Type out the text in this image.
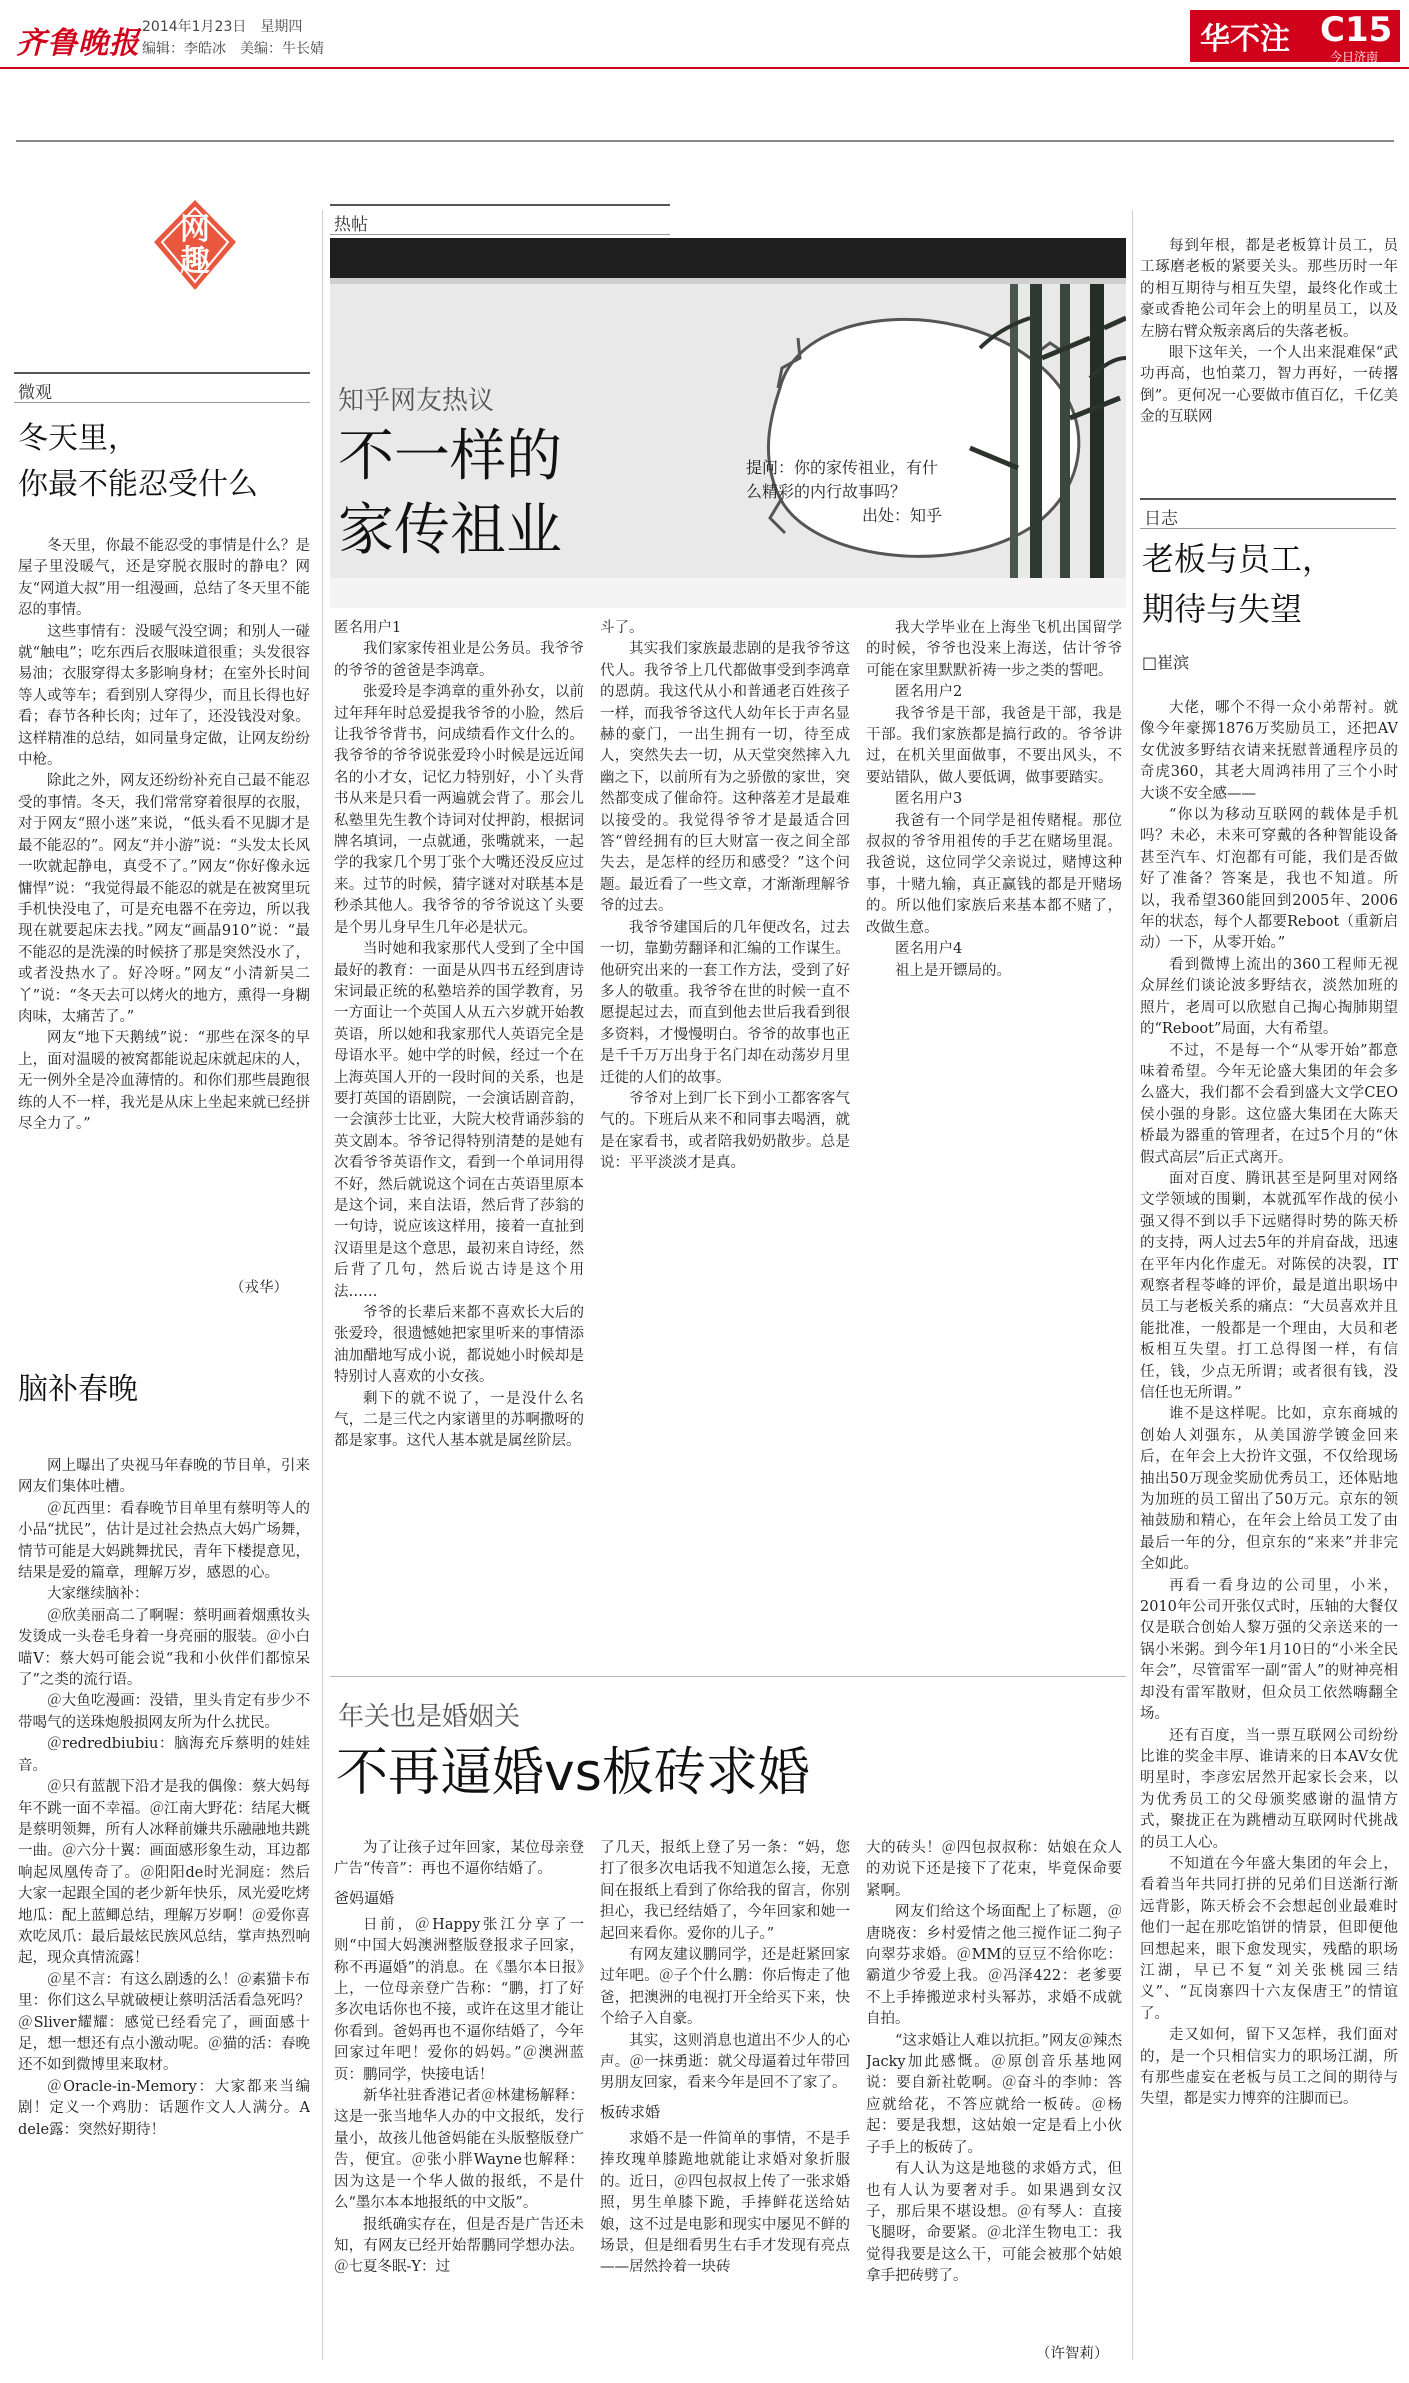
齐鲁晚报 2014年1月23日　星期四
编辑：李皓冰　美编：牛长婧	华不注 C15
今日济南
网趣
微观
冬天里，
你最不能忍受什么

冬天里，你最不能忍受的事情是什么？是屋子里没暖气，还是穿脱衣服时的静电？网友“网道大叔”用一组漫画，总结了冬天里不能忍的事情。

这些事情有：没暖气没空调；和别人一碰就“触电”；吃东西后衣服味道很重；头发很容易油；衣服穿得太多影响身材；在室外长时间等人或等车；看到别人穿得少，而且长得也好看；春节各种长肉；过年了，还没钱没对象。这样精准的总结，如同量身定做，让网友纷纷中枪。

除此之外，网友还纷纷补充自己最不能忍受的事情。冬天，我们常常穿着很厚的衣服，对于网友“照小迷”来说，“低头看不见脚才是最不能忍的”。网友“并小游”说：“头发太长风一吹就起静电，真受不了。”网友“你好像永远慵悍”说：“我觉得最不能忍的就是在被窝里玩手机快没电了，可是充电器不在旁边，所以我现在就要起床去找。”网友“画晶910”说：“最不能忍的是洗澡的时候挤了那是突然没水了，或者没热水了。好冷呀。”网友“小清新吴二丫”说：“冬天去可以烤火的地方，熏得一身糊肉味，太痛苦了。”

网友“地下天鹅绒”说：“那些在深冬的早上，面对温暖的被窝都能说起床就起床的人，无一例外全是冷血薄情的。和你们那些晨跑很练的人不一样，我光是从床上坐起来就已经拼尽全力了。”

（戎华）
脑补春晚

网上曝出了央视马年春晚的节目单，引来网友们集体吐槽。

＠瓦西里：看春晚节目单里有蔡明等人的小品“扰民”，估计是过社会热点大妈广场舞，情节可能是大妈跳舞扰民，青年下楼提意见，结果是爱的篇章，理解万岁，感恩的心。

大家继续脑补：

＠欣美丽高二了啊喔：蔡明画着烟熏妆头发烫成一头卷毛身着一身亮丽的服装。＠小白喵V：蔡大妈可能会说“我和小伙伴们都惊呆了”之类的流行语。

＠大鱼吃漫画：没错，里头肯定有步少不带喝气的送珠炮般损网友所为什么扰民。

＠redredbiubiu：脑海充斥蔡明的娃娃音。

＠只有蓝靓下沿才是我的偶像：蔡大妈每年不跳一面不幸福。＠江南大野花：结尾大概是蔡明领舞，所有人冰释前嫌共乐融融地共跳一曲。＠六分十翼：画面感形象生动，耳边都响起凤凰传奇了。＠阳阳de时光洞庭：然后大家一起跟全国的老少新年快乐，凤光爱吃烤地瓜：配上蓝鲫总结，理解万岁啊！＠爱你喜欢吃凤爪：最后最炫民族风总结，掌声热烈响起，现众真情流露！

＠星不言：有这么剧透的么！＠素猫卡布里：你们这么早就破梗让蔡明活活看急死吗？＠Sliver耀耀：感觉已经看完了，画面感十足，想一想还有点小激动呢。＠猫的活：春晚还不如到微博里来取材。

＠Oracle-in-Memory：大家都来当编剧！定义一个鸡肋：话题作文人人满分。A dele露：突然好期待！

热帖
知乎网友热议
不一样的
家传祖业
提问：你的家传祖业，有什么精彩的内行故事吗？
出处：知乎

匿名用户1

我们家家传祖业是公务员。我爷爷的爷爷的爸爸是李鸿章。

张爱玲是李鸿章的重外孙女，以前过年拜年时总爱提我爷爷的小脸，然后让我爷爷背书，问成绩看作文什么的。我爷爷的爷爷说张爱玲小时候是远近闻名的小才女，记忆力特别好，小丫头背书从来是只看一两遍就会背了。那会儿私塾里先生教个诗词对仗押韵，根据词牌名填词，一点就通，张嘴就来，一起学的我家几个男丁张个大嘴还没反应过来。过节的时候，猜字谜对对联基本是秒杀其他人。我爷爷的爷爷说这丫头要是个男儿身早生几年必是状元。

当时她和我家那代人受到了全中国最好的教育：一面是从四书五经到唐诗宋词最正统的私塾培养的国学教育，另一方面让一个英国人从五六岁就开始教英语，所以她和我家那代人英语完全是母语水平。她中学的时候，经过一个在上海英国人开的一段时间的关系，也是要打英国的语剧院，一会演话剧音韵，一会演莎士比亚，大院大校背诵莎翁的英文剧本。爷爷记得特别清楚的是她有次看爷爷英语作文，看到一个单词用得不好，然后就说这个词在古英语里原本是这个词，来自法语，然后背了莎翁的一句诗，说应该这样用，接着一直扯到汉语里是这个意思，最初来自诗经，然后背了几句，然后说古诗是这个用法……

爷爷的长辈后来都不喜欢长大后的张爱玲，很遗憾她把家里听来的事情添油加醋地写成小说，都说她小时候却是特别讨人喜欢的小女孩。

剩下的就不说了，一是没什么名气，二是三代之内家谱里的苏啊撒呀的都是家事。这代人基本就是属丝阶层。

斗了。

其实我们家族最悲剧的是我爷爷这代人。我爷爷上几代都做事受到李鸿章的恩荫。我这代从小和普通老百姓孩子一样，而我爷爷这代人幼年长于声名显赫的豪门，一出生拥有一切，待至成人，突然失去一切，从天堂突然摔入九幽之下，以前所有为之骄傲的家世，突然都变成了催命符。这种落差才是最难以接受的。我觉得爷爷才是最适合回答“曾经拥有的巨大财富一夜之间全部失去，是怎样的经历和感受？”这个问题。最近看了一些文章，才渐渐理解爷爷的过去。

我爷爷建国后的几年便改名，过去一切，靠勤劳翻译和汇编的工作谋生。他研究出来的一套工作方法，受到了好多人的敬重。我爷爷在世的时候一直不愿提起过去，而直到他去世后我看到很多资料，才慢慢明白。爷爷的故事也正是千千万万出身于名门却在动荡岁月里迁徙的人们的故事。

爷爷对上到厂长下到小工都客客气气的。下班后从来不和同事去喝酒，就是在家看书，或者陪我奶奶散步。总是说：平平淡淡才是真。

我大学毕业在上海坐飞机出国留学的时候，爷爷也没来上海送，估计爷爷可能在家里默默祈祷一步之类的誓吧。

匿名用户2

我爷爷是干部，我爸是干部，我是干部。我们家族都是搞行政的。爷爷讲过，在机关里面做事，不要出风头，不要站错队，做人要低调，做事要踏实。

匿名用户3

我爸有一个同学是祖传赌棍。那位叔叔的爷爷用祖传的手艺在赌场里混。我爸说，这位同学父亲说过，赌博这种事，十赌九输，真正赢钱的都是开赌场的。所以他们家族后来基本都不赌了，改做生意。

匿名用户4

祖上是开镖局的。

年关也是婚姻关
不再逼婚vs板砖求婚

为了让孩子过年回家，某位母亲登广告“传音”：再也不逼你结婚了。

爸妈逼婚

日前，＠Happy张江分享了一则“中国大妈澳洲整版登报求子回家，称不再逼婚”的消息。在《墨尔本日报》上，一位母亲登广告称：“鹏，打了好多次电话你也不接，或许在这里才能让你看到。爸妈再也不逼你结婚了，今年回家过年吧！爱你的妈妈。”＠澳洲蓝页：鹏同学，快接电话！

新华社驻香港记者＠林建杨解释：这是一张当地华人办的中文报纸，发行量小，故孩儿他爸妈能在头版整版登广告，便宜。＠张小胖Wayne也解释：因为这是一个华人做的报纸，不是什么“墨尔本本地报纸的中文版”。

报纸确实存在，但是否是广告还未知，有网友已经开始帮鹏同学想办法。＠七夏冬眠-Y：过

了几天，报纸上登了另一条：“妈，您打了很多次电话我不知道怎么接，无意间在报纸上看到了你给我的留言，你别担心，我已经结婚了，今年回家和她一起回来看你。爱你的儿子。”

有网友建议鹏同学，还是赶紧回家过年吧。＠子个什么鹏：你后悔走了他爸，把澳洲的电视打开全给买下来，快个给子入自豪。

其实，这则消息也道出不少人的心声。＠一抹勇逝：就父母逼着过年带回男朋友回家，看来今年是回不了家了。

板砖求婚

求婚不是一件简单的事情，不是手捧玫瑰单膝跪地就能让求婚对象折服的。近日，＠四包叔叔上传了一张求婚照，男生单膝下跪，手捧鲜花送给姑娘，这不过是电影和现实中屡见不鲜的场景，但是细看男生右手才发现有亮点——居然拎着一块砖

大的砖头！＠四包叔叔称：姑娘在众人的劝说下还是接下了花束，毕竟保命要紧啊。

网友们给这个场面配上了标题，＠唐晓夜：乡村爱情之他三搅作证二狗子向翠芬求婚。＠MM的豆豆不给你吃：霸道少爷爱上我。＠冯泽422：老爹要不上手捧搬逆求村头幂苏，求婚不成就自拍。

“这求婚让人难以抗拒。”网友＠辣杰Jacky加此感慨。＠原创音乐基地网说：要自新社乾啊。＠奋斗的李帅：答应就给花，不答应就给一板砖。＠杨起：要是我想，这姑娘一定是看上小伙子手上的板砖了。

有人认为这是地毯的求婚方式，但也有人认为要奢对手。如果遇到女汉子，那后果不堪设想。＠有琴人：直接飞腿呀，命要紧。＠北洋生物电工：我觉得我要是这么干，可能会被那个姑娘拿手把砖劈了。

（许智莉）

每到年根，都是老板算计员工，员工琢磨老板的紧要关头。那些历时一年的相互期待与相互失望，最终化作或土豪或香艳公司年会上的明星员工，以及左膀右臂众叛亲离后的失落老板。

眼下这年关，一个人出来混难保“武功再高，也怕菜刀，智力再好，一砖撂倒”。更何况一心要做市值百亿，千亿美金的互联网

日志
老板与员工，
期待与失望
□崔滨

大佬，哪个不得一众小弟帮衬。就像今年豪掷1876万奖励员工，还把AV女优波多野结衣请来抚慰普通程序员的奇虎360，其老大周鸿祎用了三个小时大谈不安全感——

“你以为移动互联网的载体是手机吗？未必，未来可穿戴的各种智能设备甚至汽车、灯泡都有可能，我们是否做好了准备？答案是，我也不知道。所以，我希望360能回到2005年、2006年的状态，每个人都要Reboot（重新启动）一下，从零开始。”

看到微博上流出的360工程师无视众屏丝们谈论波多野结衣，淡然加班的照片，老周可以欣慰自己掏心掏肺期望的“Reboot”局面，大有希望。

不过，不是每一个“从零开始”都意味着希望。今年无论盛大集团的年会多么盛大，我们都不会看到盛大文学CEO侯小强的身影。这位盛大集团在大陈天桥最为器重的管理者，在过5个月的“休假式高层”后正式离开。

面对百度、腾讯甚至是阿里对网络文学领域的围剿，本就孤军作战的侯小强又得不到以手下远赌得时势的陈天桥的支持，两人过去5年的并肩奋战，迅速在平年内化作虚无。对陈侯的决裂，IT观察者程苓峰的评价，最是道出职场中员工与老板关系的痛点：“大员喜欢并且能批准，一般都是一个理由，大员和老板相互失望。打工总得图一样，有信任，钱，少点无所谓；或者很有钱，没信任也无所谓。”

谁不是这样呢。比如，京东商城的创始人刘强东，从美国游学镀金回来后，在年会上大扮许文强，不仅给现场抽出50万现金奖励优秀员工，还体贴地为加班的员工留出了50万元。京东的领袖鼓励和精心，在年会上给员工发了由最后一年的分，但京东的“来来”并非完全如此。

再看一看身边的公司里，小米，2010年公司开张仅式时，压轴的大餐仅仅是联合创始人黎万强的父亲送来的一锅小米粥。到今年1月10日的“小米全民年会”，尽管雷军一副“雷人”的财神亮相却没有雷军散财，但众员工依然嗨翻全场。

还有百度，当一票互联网公司纷纷比谁的奖金丰厚、谁请来的日本AV女优明星时，李彦宏居然开起家长会来，以为优秀员工的父母颁奖感谢的温情方式，聚拢正在为跳槽动互联网时代挑战的员工人心。

不知道在今年盛大集团的年会上，看着当年共同打拼的兄弟们目送渐行渐远背影，陈天桥会不会想起创业最难时他们一起在那吃馅饼的情景，但即便他回想起来，眼下愈发现实，残酷的职场江湖，早已不复“刘关张桃园三结义”、“瓦岗寨四十六友保唐王”的情谊了。

走又如何，留下又怎样，我们面对的，是一个只相信实力的职场江湖，所有那些虚妄在老板与员工之间的期待与失望，都是实力博弈的注脚而已。
